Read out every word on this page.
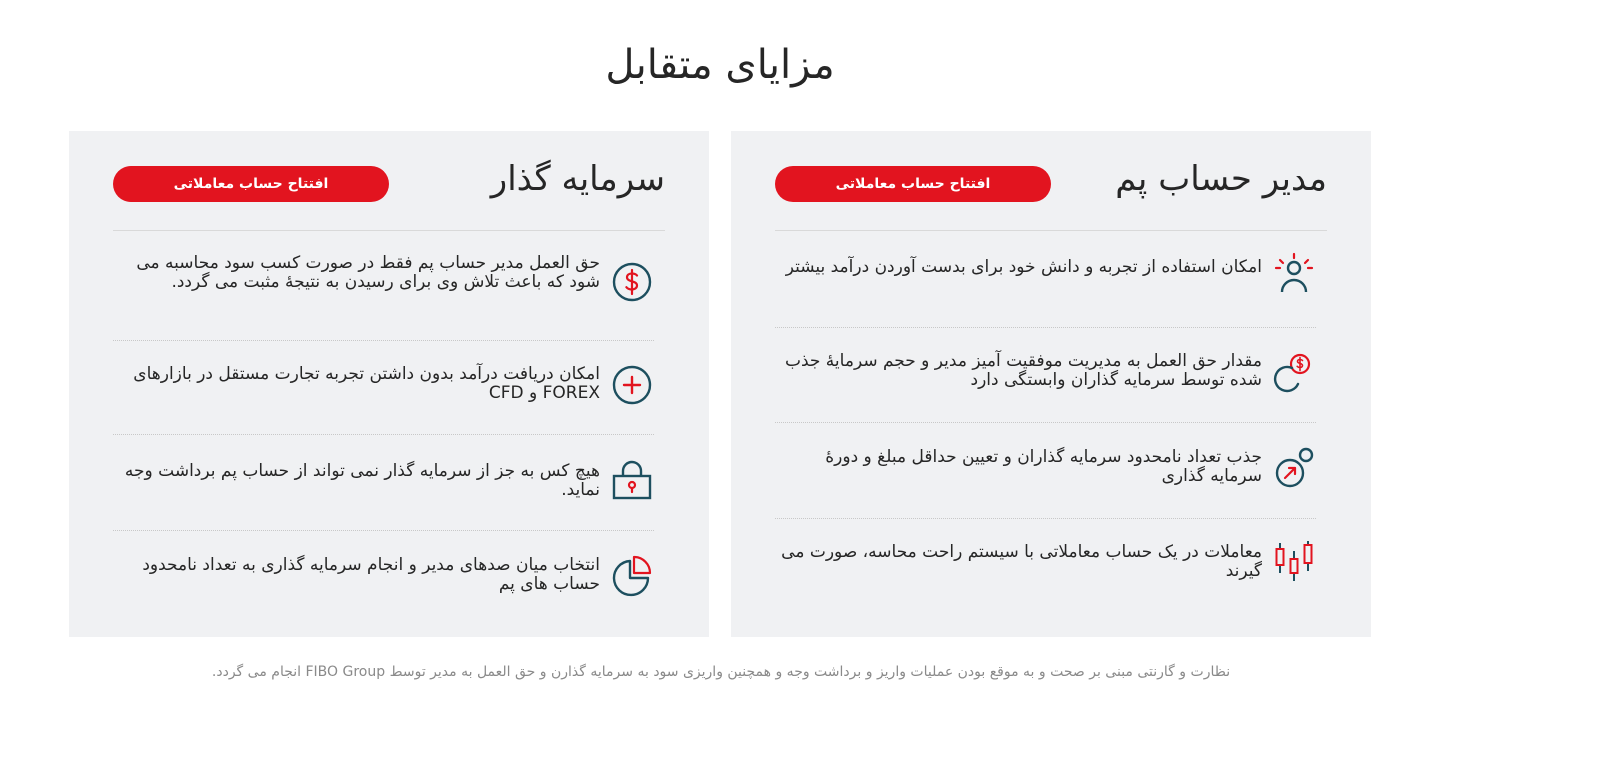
مزایای متقابل
سرمایه گذار
افتتاح حساب معاملاتی
حق العمل مدیر حساب پم فقط در صورت کسب سود محاسبه می شود که باعث تلاش وی برای رسیدن به نتیجهٔ مثبت می گردد.
امکان دریافت درآمد بدون داشتن تجربه تجارت مستقل در بازارهای FOREX و CFD
هیچ کس به جز از سرمایه گذار نمی تواند از حساب پم برداشت وجه نماید.
انتخاب میان صدهای مدیر و انجام سرمایه گذاری به تعداد نامحدود حساب های پم
مدیر حساب پم
افتتاح حساب معاملاتی
امکان استفاده از تجربه و دانش خود برای بدست آوردن درآمد بیشتر
مقدار حق العمل به مدیریت موفقیت آمیز مدیر و حجم سرمایهٔ جذب شده توسط سرمایه گذاران وابستگی دارد
جذب تعداد نامحدود سرمایه گذاران و تعیین حداقل مبلغ و دورهٔ سرمایه گذاری
معاملات در یک حساب معاملاتی با سیستم راحت محاسه، صورت می گیرند
.انجام می گردد FIBO Group نظارت و گارنتی مبنی بر صحت و به موقع بودن عملیات واریز و برداشت وجه و همچنین واریزی سود به سرمایه گذارن و حق العمل به مدیر توسط
